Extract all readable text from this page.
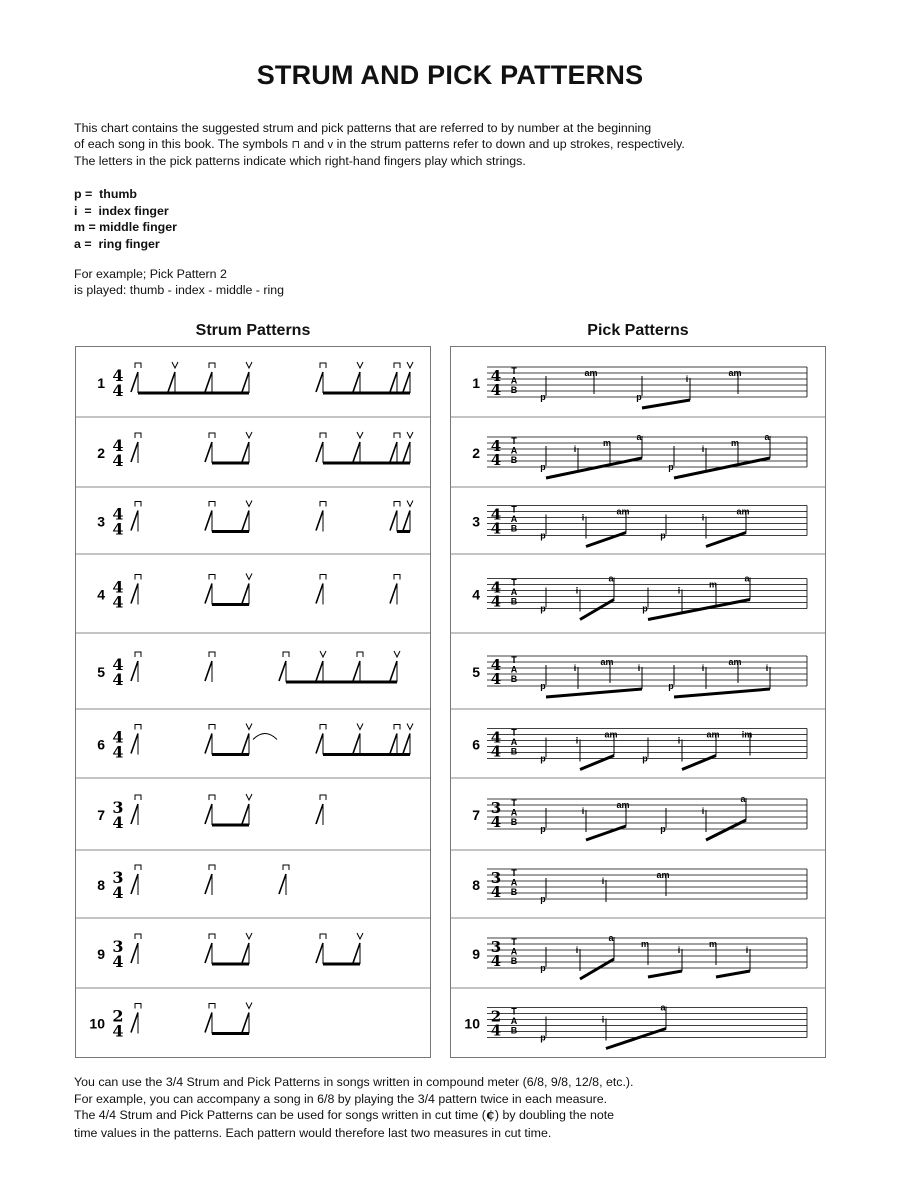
STRUM AND PICK PATTERNS

This chart contains the suggested strum and pick patterns that are referred to by number at the beginning

of each song in this book. The symbols ⊓ and v in the strum patterns refer to down and up strokes, respectively.

The letters in the pick patterns indicate which right-hand fingers play which strings.

p =  thumb
i  =  index finger
m = middle finger
a =  ring finger
For example; Pick Pattern 2
is played: thumb - index - middle - ring
Strum Patterns	Pick Patterns
1 4
4
2 4
4
3 4
4
4 4
4
5 4
4
6 4
4
7 3
4
8 3
4
9 3
4
10 2
4
1 4
4
T
A
B
p
am
p
i
am
2 4
4
T
A
B
p
i
m
a
p
i
m
a
3 4
4
T
A
B
p
i
am
p
i
am
4 4
4
T
A
B
p
i
a
p
i
m
a
5 4
4
T
A
B
p
i
am
i
p
i
am
i
6 4
4
T
A
B
p
i
am
p
i
am im
7 3
4
T
A
B
p
i
am
p
i
a
8 3
4
T
A
B
p
i
am
9 3
4
T
A
B
p
i
a
m
i
m
i
10 2
4
T
A
B
p
i
a
You can use the 3/4 Strum and Pick Patterns in songs written in compound meter (6/8, 9/8, 12/8, etc.).
For example, you can accompany a song in 6/8 by playing the 3/4 pattern twice in each measure.
The 4/4 Strum and Pick Patterns can be used for songs written in cut time (¢) by doubling the note
time values in the patterns. Each pattern would therefore last two measures in cut time.
